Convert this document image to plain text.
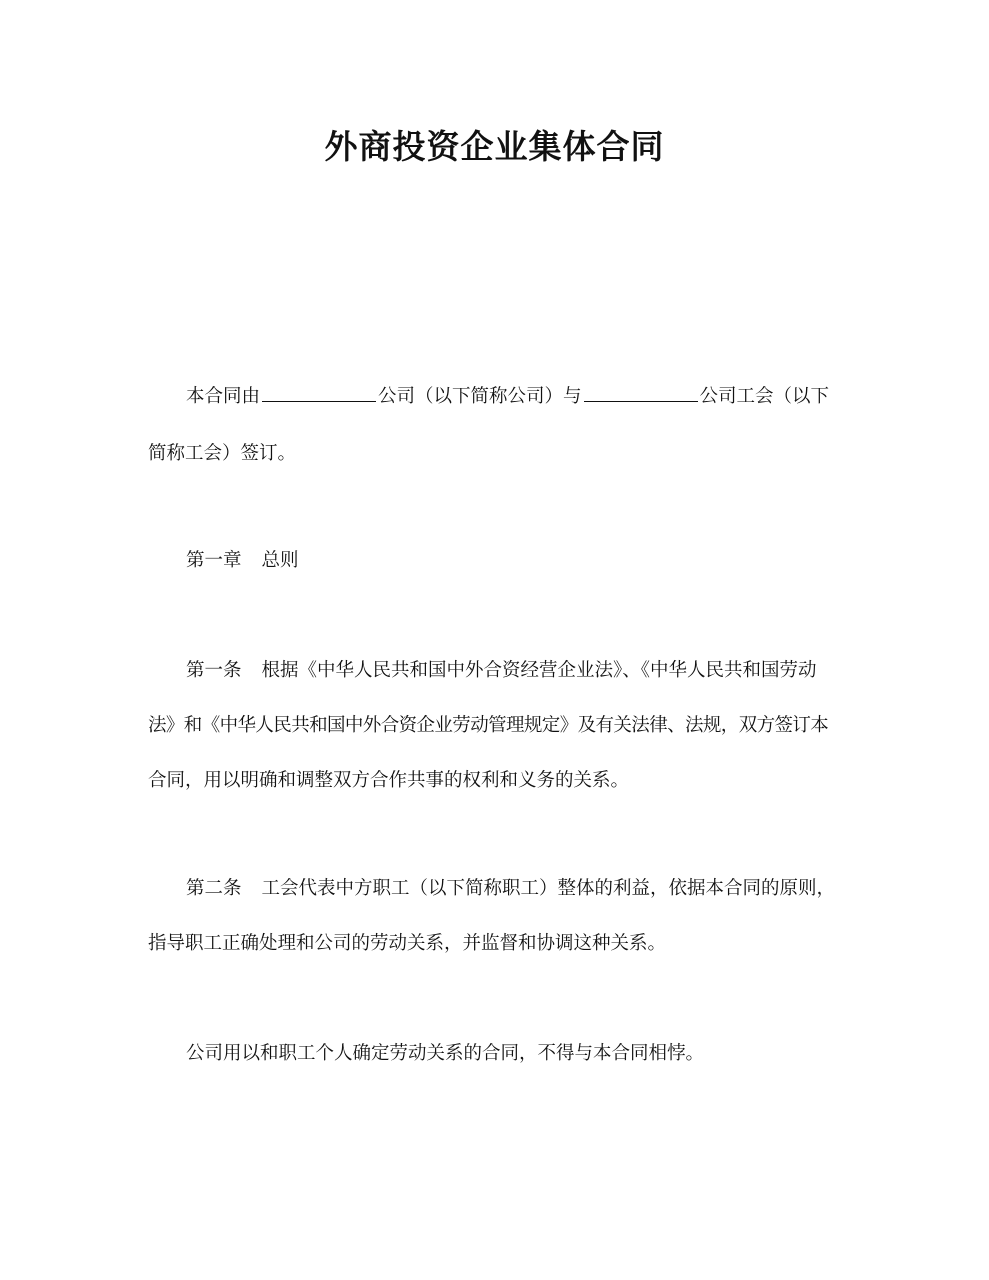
外商投资企业集体合同
本合同由	公司（以下简称公司）与	公司工会（以下
简称工会）签订。
第一章 总则
第一条 根据《中华人民共和国中外合资经营企业法》、《中华人民共和国劳动
法》和《中华人民共和国中外合资企业劳动管理规定》及有关法律、法规，双方签订本
合同，用以明确和调整双方合作共事的权利和义务的关系。
第二条 工会代表中方职工（以下简称职工）整体的利益，依据本合同的原则，
指导职工正确处理和公司的劳动关系，并监督和协调这种关系。
公司用以和职工个人确定劳动关系的合同，不得与本合同相悖。
